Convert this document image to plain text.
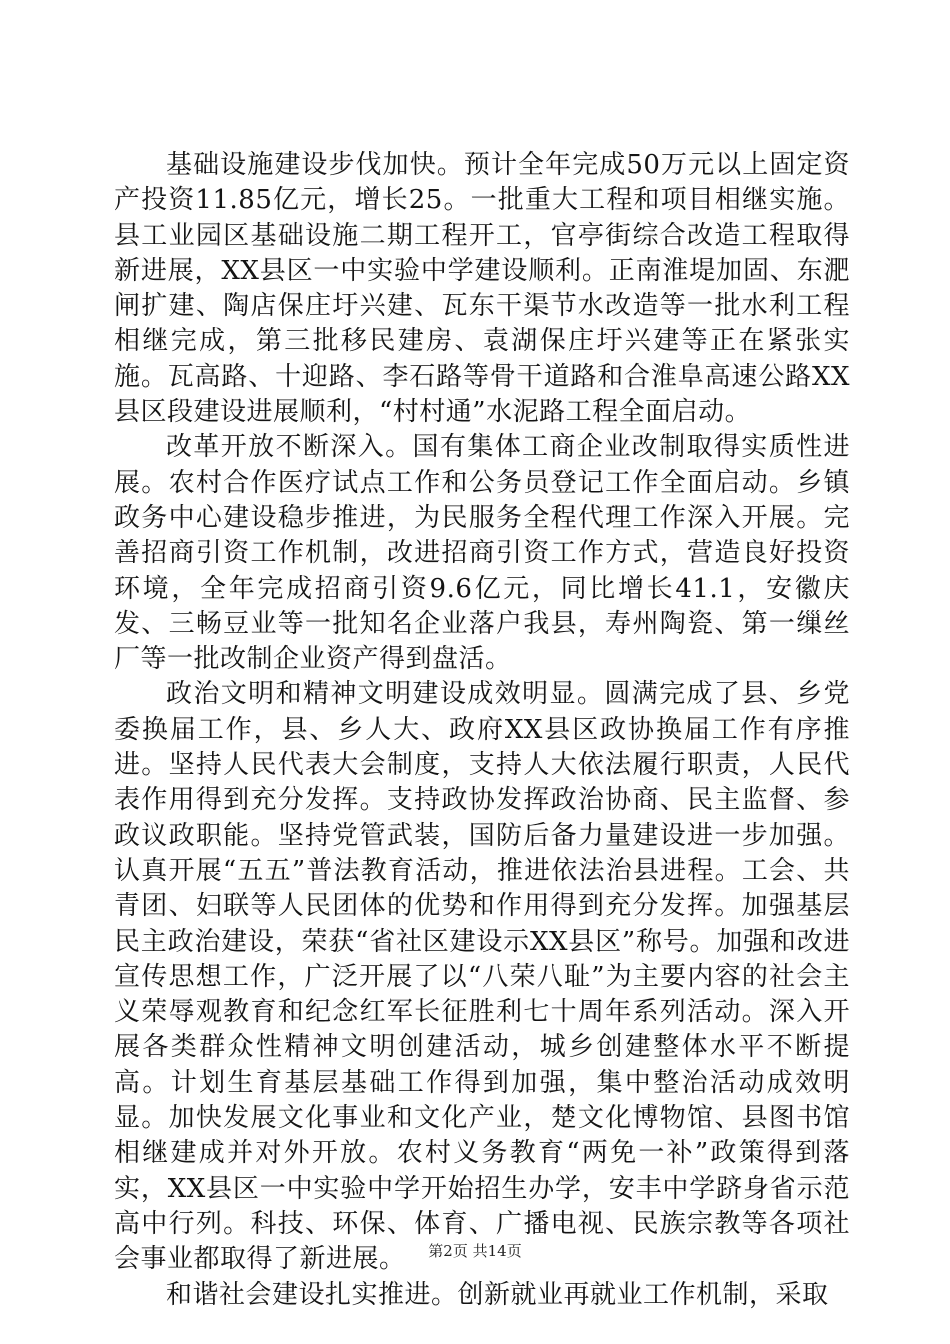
基础设施建设步伐加快。预计全年完成50万元以上固定资产投资11.85亿元，增长25。一批重大工程和项目相继实施。县工业园区基础设施二期工程开工，官亭街综合改造工程取得新进展，XX县区一中实验中学建设顺利。正南淮堤加固、东淝闸扩建、陶店保庄圩兴建、瓦东干渠节水改造等一批水利工程相继完成，第三批移民建房、袁湖保庄圩兴建等正在紧张实施。瓦高路、十迎路、李石路等骨干道路和合淮阜高速公路XX县区段建设进展顺利，“村村通”水泥路工程全面启动。

改革开放不断深入。国有集体工商企业改制取得实质性进展。农村合作医疗试点工作和公务员登记工作全面启动。乡镇政务中心建设稳步推进，为民服务全程代理工作深入开展。完善招商引资工作机制，改进招商引资工作方式，营造良好投资环境，全年完成招商引资9.6亿元，同比增长41.1，安徽庆发、三畅豆业等一批知名企业落户我县，寿州陶瓷、第一缫丝厂等一批改制企业资产得到盘活。

政治文明和精神文明建设成效明显。圆满完成了县、乡党委换届工作，县、乡人大、政府XX县区政协换届工作有序推进。坚持人民代表大会制度，支持人大依法履行职责，人民代表作用得到充分发挥。支持政协发挥政治协商、民主监督、参政议政职能。坚持党管武装，国防后备力量建设进一步加强。认真开展“五五”普法教育活动，推进依法治县进程。工会、共青团、妇联等人民团体的优势和作用得到充分发挥。加强基层民主政治建设，荣获“省社区建设示XX县区”称号。加强和改进宣传思想工作，广泛开展了以“八荣八耻”为主要内容的社会主义荣辱观教育和纪念红军长征胜利七十周年系列活动。深入开展各类群众性精神文明创建活动，城乡创建整体水平不断提高。计划生育基层基础工作得到加强，集中整治活动成效明显。加快发展文化事业和文化产业，楚文化博物馆、县图书馆相继建成并对外开放。农村义务教育“两免一补”政策得到落实，XX县区一中实验中学开始招生办学，安丰中学跻身省示范高中行列。科技、环保、体育、广播电视、民族宗教等各项社会事业都取得了新进展。

和谐社会建设扎实推进。创新就业再就业工作机制，采取

第2页 共14页
